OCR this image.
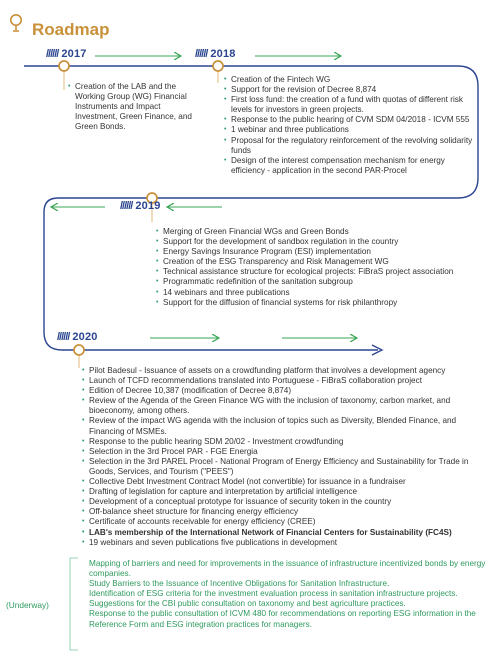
Roadmap
////// 2017	////// 2018
////// 2019
////// 2020
• Creation of the LAB and the Working Group (WG) Financial Instruments and Impact Investment, Green Finance, and Green Bonds.
• Creation of the Fintech WG
• Support for the revision of Decree 8,874
• First loss fund: the creation of a fund with quotas of different risk levels for investors in green projects.
• Response to the public hearing of CVM SDM 04/2018 - ICVM 555
• 1 webinar and three publications
• Proposal for the regulatory reinforcement of the revolving solidarity funds
• Design of the interest compensation mechanism for energy efficiency - application in the second PAR-Procel
• Merging of Green Financial WGs and Green Bonds
• Support for the development of sandbox regulation in the country
• Energy Savings Insurance Program (ESI) implementation
• Creation of the ESG Transparency and Risk Management WG
• Technical assistance structure for ecological projects: FiBraS project association
• Programmatic redefinition of the sanitation subgroup
• 14 webinars and three publications
• Support for the diffusion of financial systems for risk philanthropy
• Pilot Badesul - Issuance of assets on a crowdfunding platform that involves a development agency
• Launch of TCFD recommendations translated into Portuguese - FiBraS collaboration project
• Edition of Decree 10,387 (modification of Decree 8,874)
• Review of the Agenda of the Green Finance WG with the inclusion of taxonomy, carbon market, and bioeconomy, among others.
• Review of the impact WG agenda with the inclusion of topics such as Diversity, Blended Finance, and Financing of MSMEs.
• Response to the public hearing SDM 20/02 - Investment crowdfunding
• Selection in the 3rd Procel PAR - FGE Energia
• Selection in the 3rd PAREL Procel - National Program of Energy Efficiency and Sustainability for Trade in Goods, Services, and Tourism ("PEES")
• Collective Debt Investment Contract Model (not convertible) for issuance in a fundraiser
• Drafting of legislation for capture and interpretation by artificial intelligence
• Development of a conceptual prototype for issuance of security token in the country
• Off-balance sheet structure for financing energy efficiency
• Certificate of accounts receivable for energy efficiency (CREE)
• LAB's membership of the International Network of Financial Centers for Sustainability (FC4S)
• 19 webinars and seven publications five publications in development
Mapping of barriers and need for improvements in the issuance of infrastructure incentivized bonds by energy companies.
Study Barriers to the Issuance of Incentive Obligations for Sanitation Infrastructure.
Identification of ESG criteria for the investment evaluation process in sanitation infrastructure projects.
Suggestions for the CBI public consultation on taxonomy and best agriculture practices.
Response to the public consultation of ICVM 480 for recommendations on reporting ESG information in the Reference Form and ESG integration practices for managers.
(Underway)
